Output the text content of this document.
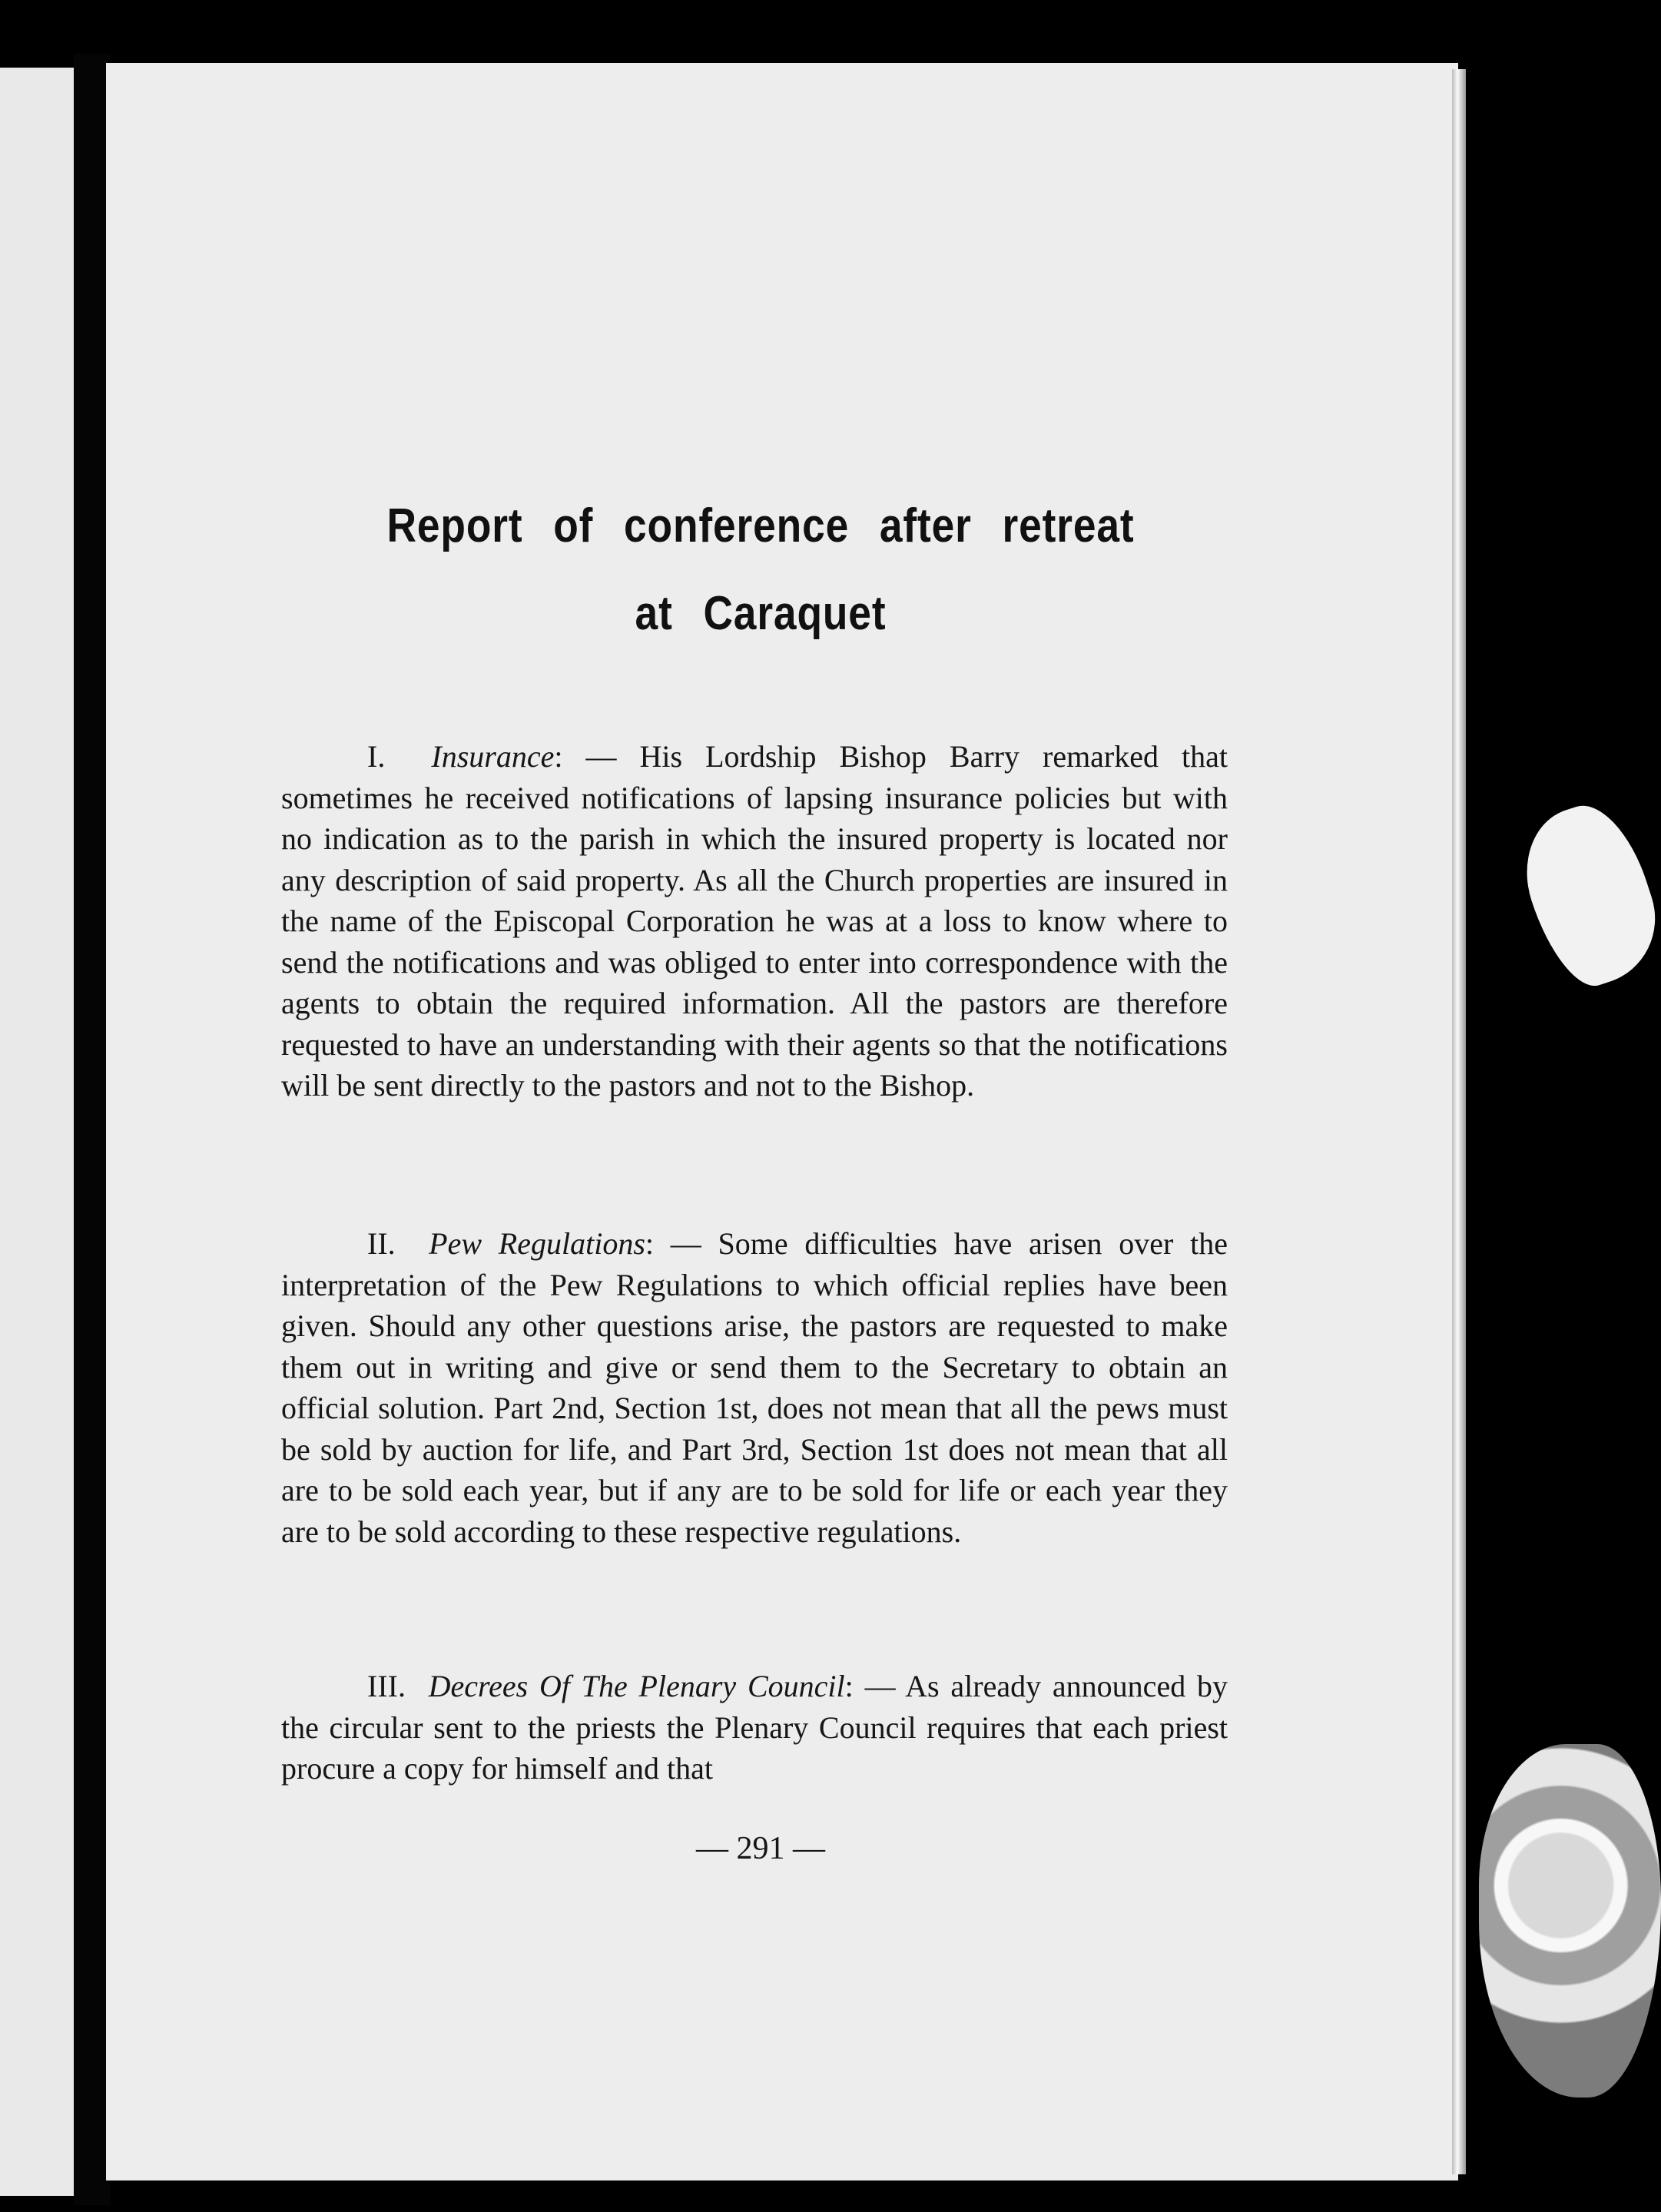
Report of conference after retreat
at Caraquet

I. Insurance: — His Lordship Bishop Barry remarked that sometimes he received notifications of lapsing insurance policies but with no indication as to the parish in which the insured property is located nor any description of said property. As all the Church properties are insured in the name of the Episcopal Corporation he was at a loss to know where to send the notifications and was obliged to enter into correspondence with the agents to obtain the required information. All the pastors are therefore requested to have an understanding with their agents so that the notifications will be sent directly to the pastors and not to the Bishop.

II. Pew Regulations: — Some difficulties have arisen over the interpretation of the Pew Regulations to which official replies have been given. Should any other questions arise, the pastors are requested to make them out in writing and give or send them to the Secretary to obtain an official solution. Part 2nd, Section 1st, does not mean that all the pews must be sold by auction for life, and Part 3rd, Section 1st does not mean that all are to be sold each year, but if any are to be sold for life or each year they are to be sold according to these respective regulations.

III. Decrees Of The Plenary Council: — As already announced by the circular sent to the priests the Plenary Council requires that each priest procure a copy for himself and that

— 291 —
